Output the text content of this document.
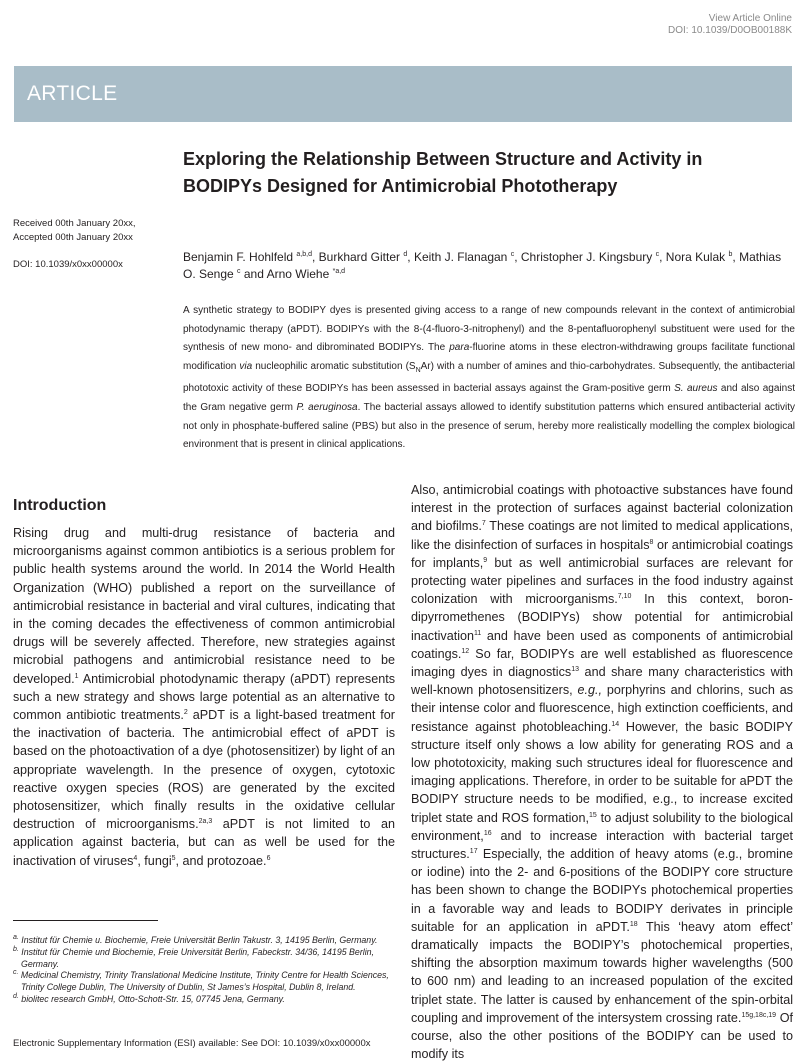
View Article Online
DOI: 10.1039/D0OB00188K
ARTICLE
Exploring the Relationship Between Structure and Activity in BODIPYs Designed for Antimicrobial Phototherapy
Received 00th January 20xx,
Accepted 00th January 20xx
DOI: 10.1039/x0xx00000x
Benjamin F. Hohlfeld $^{a,b,d}$, Burkhard Gitter $^d$, Keith J. Flanagan $^c$, Christopher J. Kingsbury $^c$, Nora Kulak $^b$, Mathias O. Senge $^c$ and Arno Wiehe $^{*a,d}$
A synthetic strategy to BODIPY dyes is presented giving access to a range of new compounds relevant in the context of antimicrobial photodynamic therapy (aPDT). BODIPYs with the 8-(4-fluoro-3-nitrophenyl) and the 8-pentafluorophenyl substituent were used for the synthesis of new mono- and dibrominated BODIPYs. The para-fluorine atoms in these electron-withdrawing groups facilitate functional modification via nucleophilic aromatic substitution $(S_NAr)$ with a number of amines and thio-carbohydrates. Subsequently, the antibacterial phototoxic activity of these BODIPYs has been assessed in bacterial assays against the Gram-positive germ S. aureus and also against the Gram negative germ P. aeruginosa. The bacterial assays allowed to identify substitution patterns which ensured antibacterial activity not only in phosphate-buffered saline (PBS) but also in the presence of serum, hereby more realistically modelling the complex biological environment that is present in clinical applications.
Introduction
Rising drug and multi-drug resistance of bacteria and microorganisms against common antibiotics is a serious problem for public health systems around the world. In 2014 the World Health Organization (WHO) published a report on the surveillance of antimicrobial resistance in bacterial and viral cultures, indicating that in the coming decades the effectiveness of common antimicrobial drugs will be severely affected. Therefore, new strategies against microbial pathogens and antimicrobial resistance need to be developed.$^1$ Antimicrobial photodynamic therapy (aPDT) represents such a new strategy and shows large potential as an alternative to common antibiotic treatments.$^2$ aPDT is a light-based treatment for the inactivation of bacteria. The antimicrobial effect of aPDT is based on the photoactivation of a dye (photosensitizer) by light of an appropriate wavelength. In the presence of oxygen, cytotoxic reactive oxygen species (ROS) are generated by the excited photosensitizer, which finally results in the oxidative cellular destruction of microorganisms.$^{2a,3}$ aPDT is not limited to an application against bacteria, but can as well be used for the inactivation of viruses$^4$, fungi$^5$, and protozoae.$^6$
Also, antimicrobial coatings with photoactive substances have found interest in the protection of surfaces against bacterial colonization and biofilms.$^7$ These coatings are not limited to medical applications, like the disinfection of surfaces in hospitals$^8$ or antimicrobial coatings for implants,$^9$ but as well antimicrobial surfaces are relevant for protecting water pipelines and surfaces in the food industry against colonization with microorganisms.$^{7,10}$ In this context, boron-dipyrromethenes (BODIPYs) show potential for antimicrobial inactivation$^{11}$ and have been used as components of antimicrobial coatings.$^{12}$ So far, BODIPYs are well established as fluorescence imaging dyes in diagnostics$^{13}$ and share many characteristics with well-known photosensitizers, e.g., porphyrins and chlorins, such as their intense color and fluorescence, high extinction coefficients, and resistance against photobleaching.$^{14}$ However, the basic BODIPY structure itself only shows a low ability for generating ROS and a low phototoxicity, making such structures ideal for fluorescence and imaging applications. Therefore, in order to be suitable for aPDT the BODIPY structure needs to be modified, e.g., to increase excited triplet state and ROS formation,$^{15}$ to adjust solubility to the biological environment,$^{16}$ and to increase interaction with bacterial target structures.$^{17}$ Especially, the addition of heavy atoms (e.g., bromine or iodine) into the 2- and 6-positions of the BODIPY core structure has been shown to change the BODIPYs photochemical properties in a favorable way and leads to BODIPY derivates in principle suitable for an application in aPDT.$^{18}$ This ‘heavy atom effect’ dramatically impacts the BODIPY’s photochemical properties, shifting the absorption maximum towards higher wavelengths (500 to 600 nm) and leading to an increased population of the excited triplet state. The latter is caused by enhancement of the spin-orbital coupling and improvement of the intersystem crossing rate.$^{15g,18c,19}$ Of course, also the other positions of the BODIPY can be used to modify its

$^{a.}$ Institut für Chemie u. Biochemie, Freie Universität Berlin Takustr. 3, 14195 Berlin, Germany.

$^{b.}$ Institut für Chemie und Biochemie, Freie Universität Berlin, Fabeckstr. 34/36, 14195 Berlin, Germany.

$^{c.}$ Medicinal Chemistry, Trinity Translational Medicine Institute, Trinity Centre for Health Sciences, Trinity College Dublin, The University of Dublin, St James’s Hospital, Dublin 8, Ireland.

$^{d.}$ biolitec research GmbH, Otto-Schott-Str. 15, 07745 Jena, Germany.

Electronic Supplementary Information (ESI) available: See DOI: 10.1039/x0xx00000x
